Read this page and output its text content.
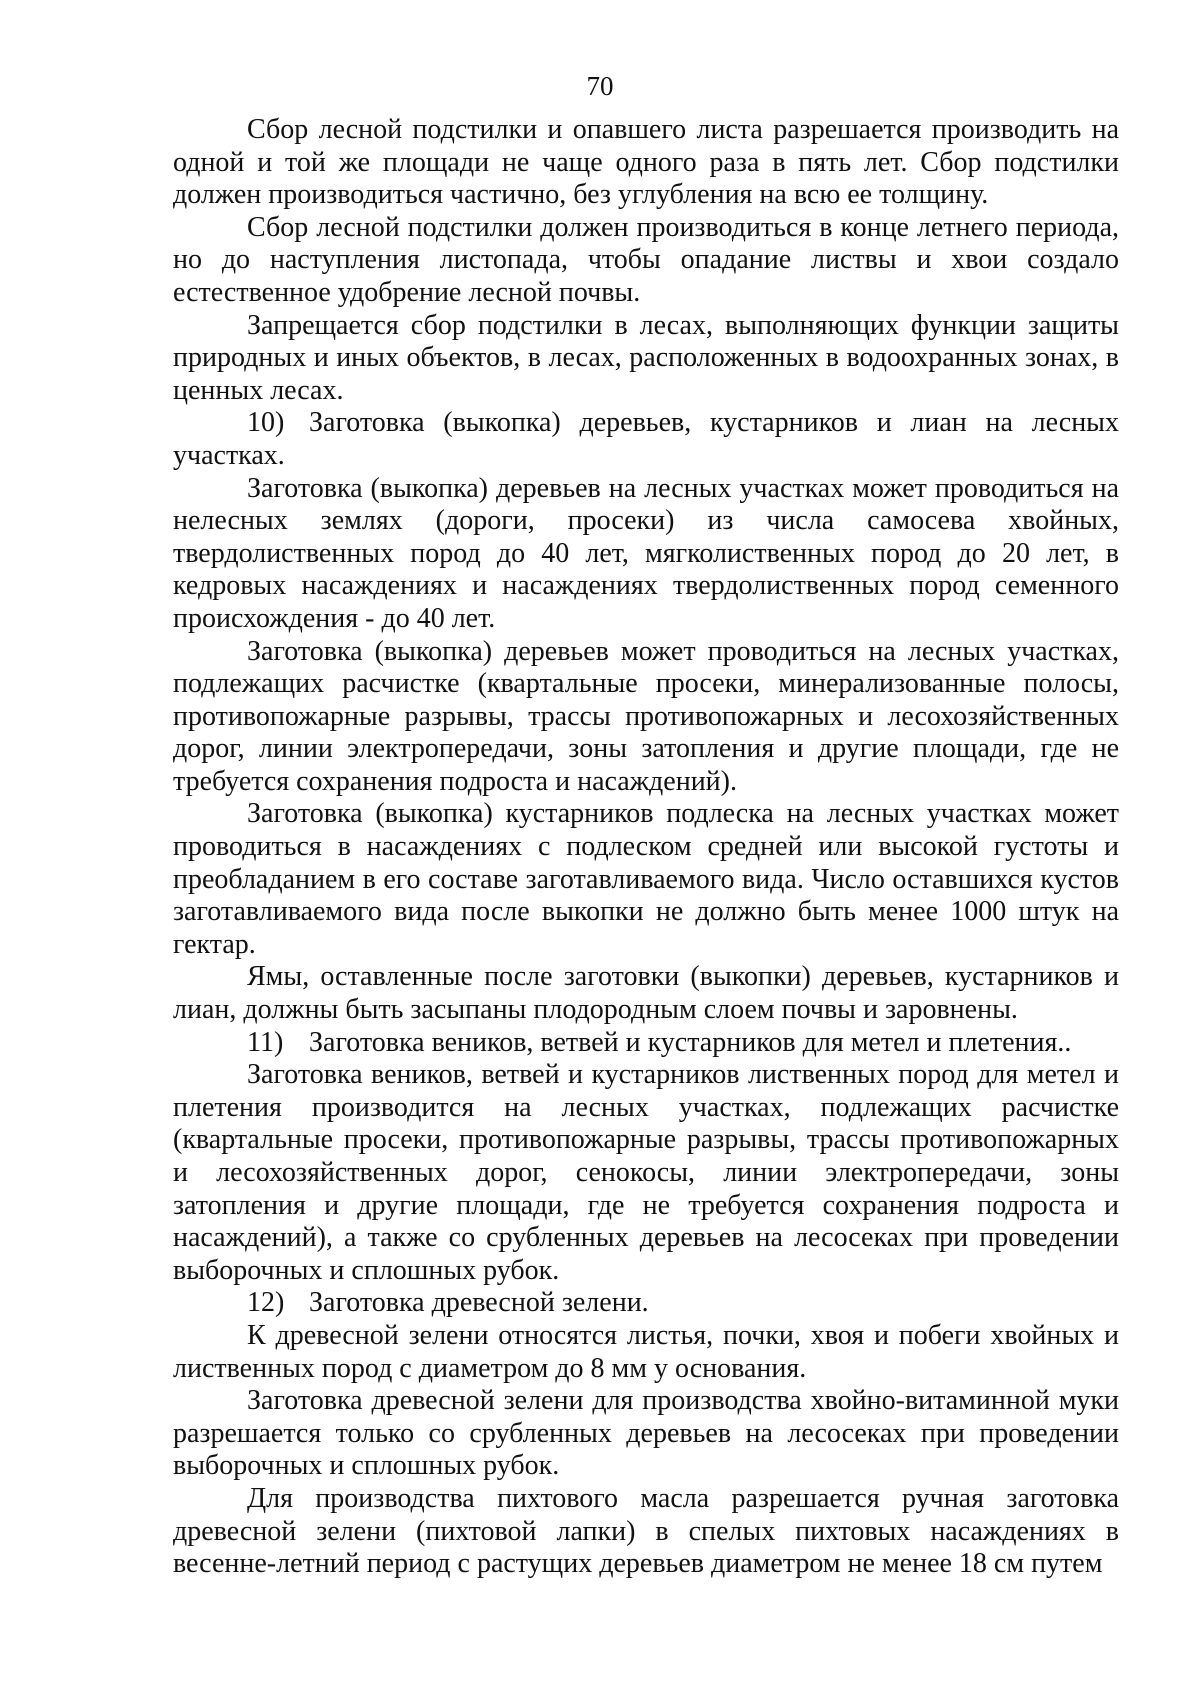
70

Сбор лесной подстилки и опавшего листа разрешается производить на одной и той же площади не чаще одного раза в пять лет. Сбор подстилки должен производиться частично, без углубления на всю ее толщину.

Сбор лесной подстилки должен производиться в конце летнего периода, но до наступления листопада, чтобы опадание листвы и хвои создало естественное удобрение лесной почвы.

Запрещается сбор подстилки в лесах, выполняющих функции защиты природных и иных объектов, в лесах, расположенных в водоохранных зонах, в ценных лесах.

10) Заготовка (выкопка) деревьев, кустарников и лиан на лесных участках.

Заготовка (выкопка) деревьев на лесных участках может проводиться на нелесных землях (дороги, просеки) из числа самосева хвойных, твердолиственных пород до 40 лет, мягколиственных пород до 20 лет, в кедровых насаждениях и насаждениях твердолиственных пород семенного происхождения - до 40 лет.

Заготовка (выкопка) деревьев может проводиться на лесных участках, подлежащих расчистке (квартальные просеки, минерализованные полосы, противопожарные разрывы, трассы противопожарных и лесохозяйственных дорог, линии электропередачи, зоны затопления и другие площади, где не требуется сохранения подроста и насаждений).

Заготовка (выкопка) кустарников подлеска на лесных участках может проводиться в насаждениях с подлеском средней или высокой густоты и преобладанием в его составе заготавливаемого вида. Число оставшихся кустов заготавливаемого вида после выкопки не должно быть менее 1000 штук на гектар.

Ямы, оставленные после заготовки (выкопки) деревьев, кустарников и лиан, должны быть засыпаны плодородным слоем почвы и заровнены.

11) Заготовка веников, ветвей и кустарников для метел и плетения..

Заготовка веников, ветвей и кустарников лиственных пород для метел и плетения производится на лесных участках, подлежащих расчистке (квартальные просеки, противопожарные разрывы, трассы противопожарных и лесохозяйственных дорог, сенокосы, линии электропередачи, зоны затопления и другие площади, где не требуется сохранения подроста и насаждений), а также со срубленных деревьев на лесосеках при проведении выборочных и сплошных рубок.

12) Заготовка древесной зелени.

К древесной зелени относятся листья, почки, хвоя и побеги хвойных и лиственных пород с диаметром до 8 мм у основания.

Заготовка древесной зелени для производства хвойно-витаминной муки разрешается только со срубленных деревьев на лесосеках при проведении выборочных и сплошных рубок.

Для производства пихтового масла разрешается ручная заготовка древесной зелени (пихтовой лапки) в спелых пихтовых насаждениях в весенне-летний период с растущих деревьев диаметром не менее 18 см путем
